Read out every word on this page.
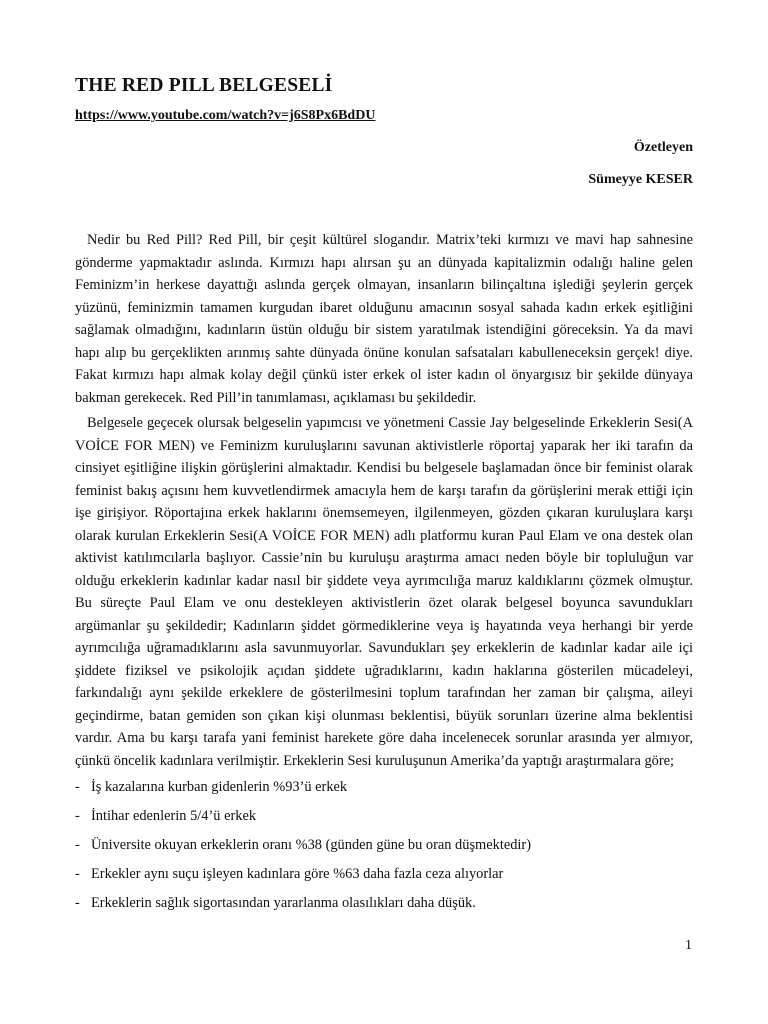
THE RED PILL BELGESELİ
https://www.youtube.com/watch?v=j6S8Px6BdDU
Özetleyen
Sümeyye KESER

Nedir bu Red Pill? Red Pill, bir çeşit kültürel slogandır. Matrix’teki kırmızı ve mavi hap sahnesine gönderme yapmaktadır aslında. Kırmızı hapı alırsan şu an dünyada kapitalizmin odalığı haline gelen Feminizm’in herkese dayattığı aslında gerçek olmayan, insanların bilinçaltına işlediği şeylerin gerçek yüzünü, feminizmin tamamen kurgudan ibaret olduğunu amacının sosyal sahada kadın erkek eşitliğini sağlamak olmadığını, kadınların üstün olduğu bir sistem yaratılmak istendiğini göreceksin. Ya da mavi hapı alıp bu gerçeklikten arınmış sahte dünyada önüne konulan safsataları kabulleneceksin gerçek! diye. Fakat kırmızı hapı almak kolay değil çünkü ister erkek ol ister kadın ol önyargısız bir şekilde dünyaya bakman gerekecek. Red Pill’in tanımlaması, açıklaması bu şekildedir.

Belgesele geçecek olursak belgeselin yapımcısı ve yönetmeni Cassie Jay belgeselinde Erkeklerin Sesi(A VOİCE FOR MEN) ve Feminizm kuruluşlarını savunan aktivistlerle röportaj yaparak her iki tarafın da cinsiyet eşitliğine ilişkin görüşlerini almaktadır. Kendisi bu belgesele başlamadan önce bir feminist olarak feminist bakış açısını hem kuvvetlendirmek amacıyla hem de karşı tarafın da görüşlerini merak ettiği için işe girişiyor. Röportajına erkek haklarını önemsemeyen, ilgilenmeyen, gözden çıkaran kuruluşlara karşı olarak kurulan Erkeklerin Sesi(A VOİCE FOR MEN) adlı platformu kuran Paul Elam ve ona destek olan aktivist katılımcılarla başlıyor. Cassie’nin bu kuruluşu araştırma amacı neden böyle bir topluluğun var olduğu erkeklerin kadınlar kadar nasıl bir şiddete veya ayrımcılığa maruz kaldıklarını çözmek olmuştur. Bu süreçte Paul Elam ve onu destekleyen aktivistlerin özet olarak belgesel boyunca savundukları argümanlar şu şekildedir; Kadınların şiddet görmediklerine veya iş hayatında veya herhangi bir yerde ayrımcılığa uğramadıklarını asla savunmuyorlar. Savundukları şey erkeklerin de kadınlar kadar aile içi şiddete fiziksel ve psikolojik açıdan şiddete uğradıklarını, kadın haklarına gösterilen mücadeleyi, farkındalığı aynı şekilde erkeklere de gösterilmesini toplum tarafından her zaman bir çalışma, aileyi geçindirme, batan gemiden son çıkan kişi olunması beklentisi, büyük sorunları üzerine alma beklentisi vardır. Ama bu karşı tarafa yani feminist harekete göre daha incelenecek sorunlar arasında yer almıyor, çünkü öncelik kadınlara verilmiştir. Erkeklerin Sesi kuruluşunun Amerika’da yaptığı araştırmalara göre;

- İş kazalarına kurban gidenlerin %93’ü erkek
- İntihar edenlerin 5/4’ü erkek
- Üniversite okuyan erkeklerin oranı %38 (günden güne bu oran düşmektedir)
- Erkekler aynı suçu işleyen kadınlara göre %63 daha fazla ceza alıyorlar
- Erkeklerin sağlık sigortasından yararlanma olasılıkları daha düşük.
1
